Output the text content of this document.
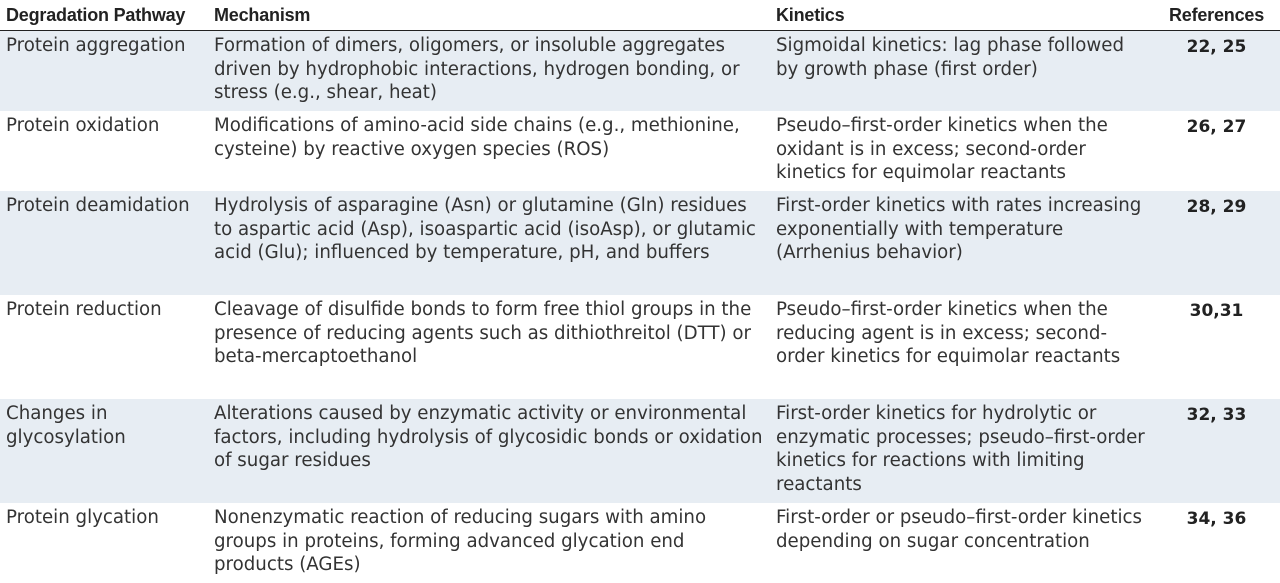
Degradation Pathway	Mechanism	Kinetics	References
Protein aggregation	Formation of dimers, oligomers, or insoluble aggregates driven by hydrophobic interactions, hydrogen bonding, or stress (e.g., shear, heat)	Sigmoidal kinetics: lag phase followed by growth phase (first order)	22, 25
Protein oxidation	Modifications of amino-acid side chains (e.g., methionine, cysteine) by reactive oxygen species (ROS)	Pseudo–first-order kinetics when the oxidant is in excess; second-order kinetics for equimolar reactants	26, 27
Protein deamidation	Hydrolysis of asparagine (Asn) or glutamine (Gln) residues to aspartic acid (Asp), isoaspartic acid (isoAsp), or glutamic acid (Glu); influenced by temperature, pH, and buffers	First-order kinetics with rates increasing exponentially with temperature (Arrhenius behavior)	28, 29
Protein reduction	Cleavage of disulfide bonds to form free thiol groups in the presence of reducing agents such as dithiothreitol (DTT) or beta-mercaptoethanol	Pseudo–first-order kinetics when the reducing agent is in excess; second-order kinetics for equimolar reactants	30,31
Changes in glycosylation	Alterations caused by enzymatic activity or environmental factors, including hydrolysis of glycosidic bonds or oxidation of sugar residues	First-order kinetics for hydrolytic or enzymatic processes; pseudo–first-order kinetics for reactions with limiting reactants	32, 33
Protein glycation	Nonenzymatic reaction of reducing sugars with amino groups in proteins, forming advanced glycation end products (AGEs)	First-order or pseudo–first-order kinetics depending on sugar concentration	34, 36
